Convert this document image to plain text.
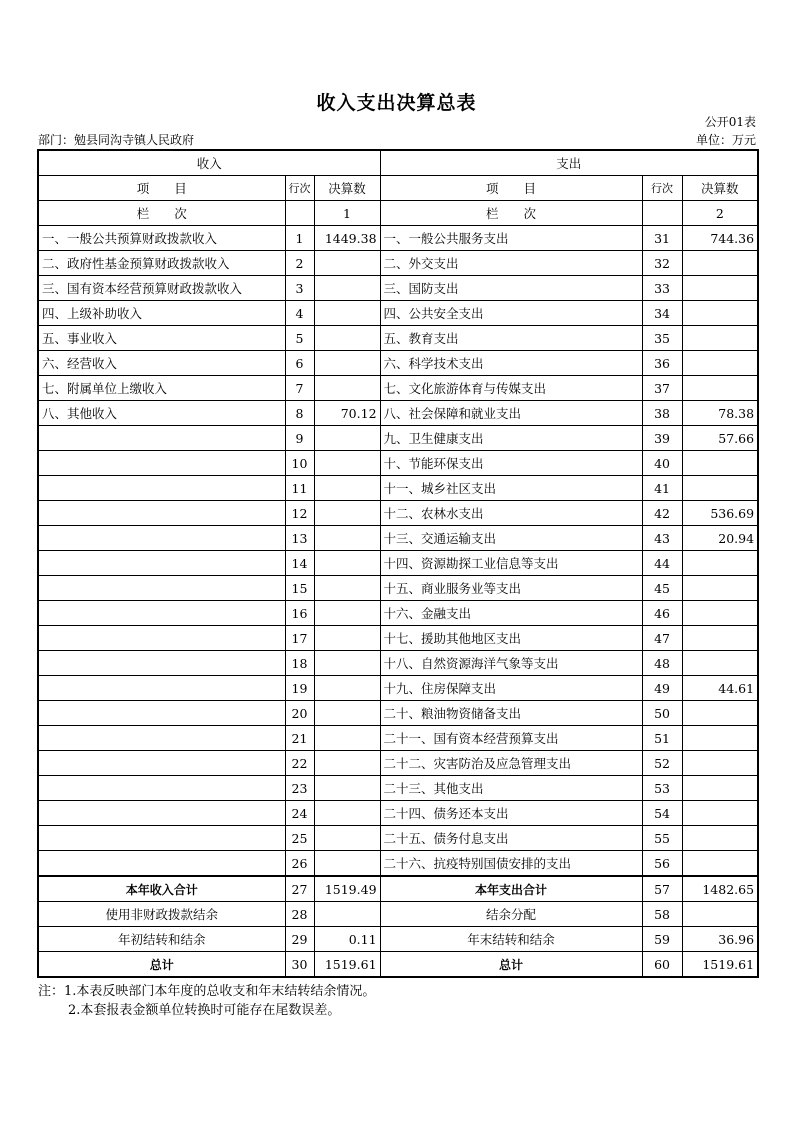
收入支出决算总表
公开01表
部门：勉县同沟寺镇人民政府	单位：万元
收入			支出		
项　　目	行次	决算数	项　　目	行次	决算数
栏　　次		1	栏　　次		2
一、一般公共预算财政拨款收入	1	1449.38	一、一般公共服务支出	31	744.36
二、政府性基金预算财政拨款收入	2		二、外交支出	32	
三、国有资本经营预算财政拨款收入	3		三、国防支出	33	
四、上级补助收入	4		四、公共安全支出	34	
五、事业收入	5		五、教育支出	35	
六、经营收入	6		六、科学技术支出	36	
七、附属单位上缴收入	7		七、文化旅游体育与传媒支出	37	
八、其他收入	8	70.12	八、社会保障和就业支出	38	78.38
	9		九、卫生健康支出	39	57.66
	10		十、节能环保支出	40	
	11		十一、城乡社区支出	41	
	12		十二、农林水支出	42	536.69
	13		十三、交通运输支出	43	20.94
	14		十四、资源勘探工业信息等支出	44	
	15		十五、商业服务业等支出	45	
	16		十六、金融支出	46	
	17		十七、援助其他地区支出	47	
	18		十八、自然资源海洋气象等支出	48	
	19		十九、住房保障支出	49	44.61
	20		二十、粮油物资储备支出	50	
	21		二十一、国有资本经营预算支出	51	
	22		二十二、灾害防治及应急管理支出	52	
	23		二十三、其他支出	53	
	24		二十四、债务还本支出	54	
	25		二十五、债务付息支出	55	
	26		二十六、抗疫特别国债安排的支出	56	
本年收入合计	27	1519.49	本年支出合计	57	1482.65
使用非财政拨款结余	28		结余分配	58	
年初结转和结余	29	0.11	年末结转和结余	59	36.96
总计	30	1519.61	总计	60	1519.61
注：1.本表反映部门本年度的总收支和年末结转结余情况。
2.本套报表金额单位转换时可能存在尾数误差。
